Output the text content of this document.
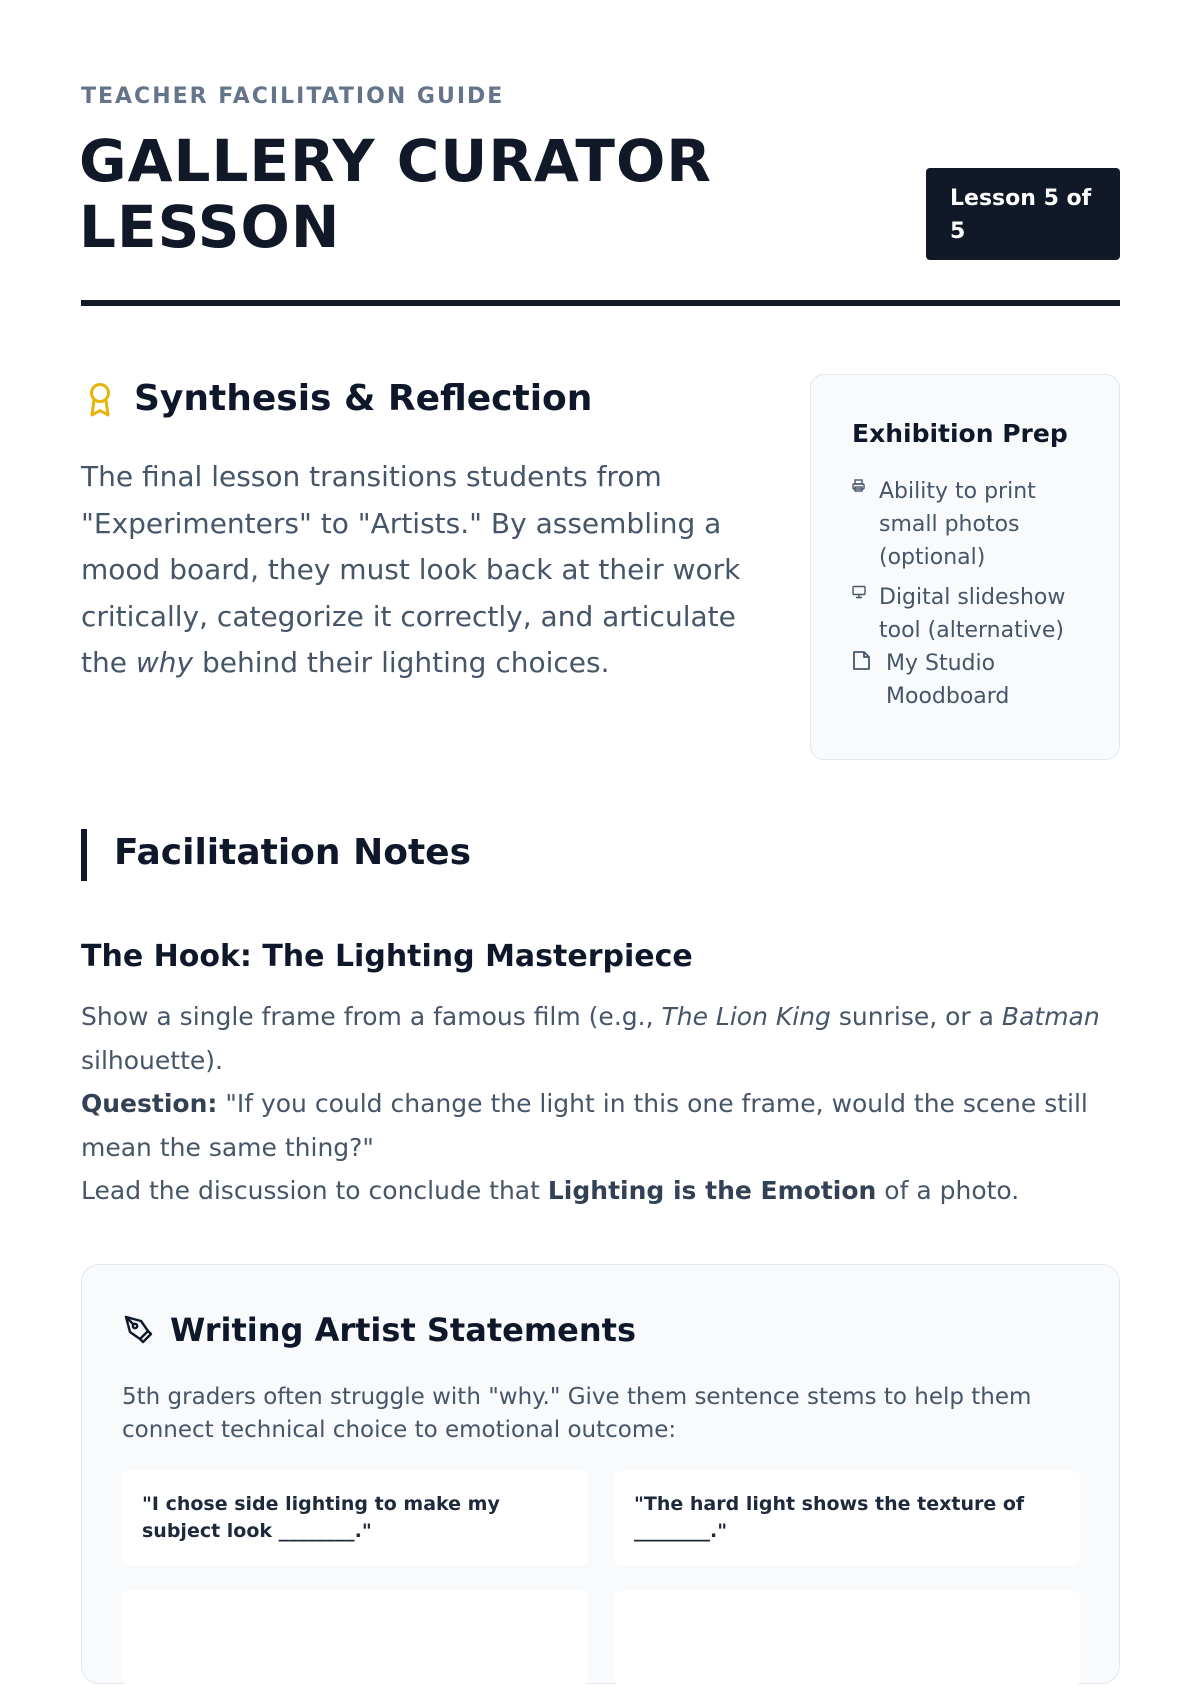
TEACHER FACILITATION GUIDE
GALLERY CURATOR
LESSON	Lesson 5 of 5
Synthesis & Reflection

The final lesson transitions students from "Experimenters" to "Artists." By assembling a mood board, they must look back at their work critically, categorize it correctly, and articulate the why behind their lighting choices.

Exhibition Prep
Ability to print small photos (optional)
Digital slideshow tool (alternative)
My Studio Moodboard
Facilitation Notes
The Hook: The Lighting Masterpiece

Show a single frame from a famous film (e.g., The Lion King sunrise, or a Batman silhouette).

Question: "If you could change the light in this one frame, would the scene still mean the same thing?"

Lead the discussion to conclude that Lighting is the Emotion of a photo.

Writing Artist Statements

5th graders often struggle with "why." Give them sentence stems to help them connect technical choice to emotional outcome:

"I chose side lighting to make my subject look ________."
"The hard light shows the texture of ________."
